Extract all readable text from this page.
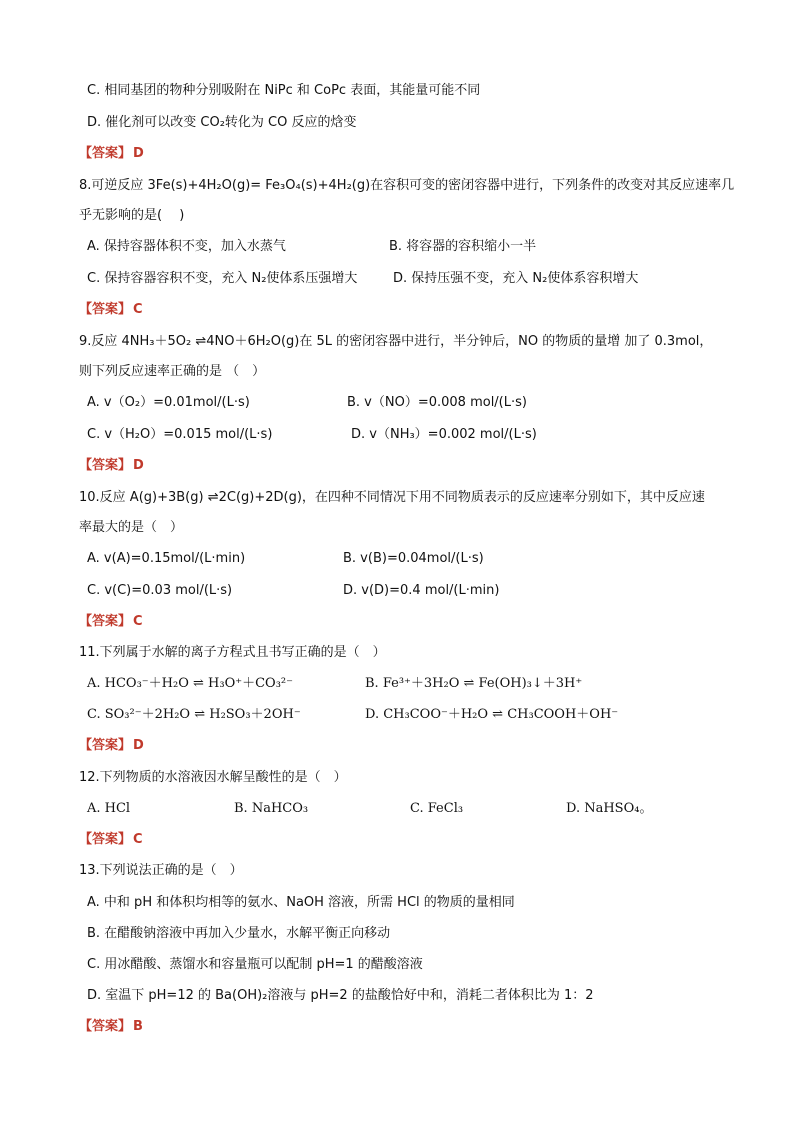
C. 相同基团的物种分别吸附在 NiPc 和 CoPc 表面，其能量可能不同
D. 催化剂可以改变 CO₂转化为 CO 反应的焓变
【答案】 D
8.可逆反应 3Fe(s)+4H₂O(g)= Fe₃O₄(s)+4H₂(g)在容积可变的密闭容器中进行，下列条件的改变对其反应速率几
乎无影响的是(　 )
A. 保持容器体积不变，加入水蒸气	B. 将容器的容积缩小一半
C. 保持容器容积不变，充入 N₂使体系压强增大	D. 保持压强不变，充入 N₂使体系容积增大
【答案】 C
9.反应 4NH₃＋5O₂ ⇌4NO＋6H₂O(g)在 5L 的密闭容器中进行，半分钟后，NO 的物质的量增 加了 0.3mol，
则下列反应速率正确的是 （　）
A. v（O₂）=0.01mol/(L·s)	B. v（NO）=0.008 mol/(L·s)
C. v（H₂O）=0.015 mol/(L·s)	D. v（NH₃）=0.002 mol/(L·s)
【答案】 D
10.反应 A(g)+3B(g) ⇌2C(g)+2D(g)，在四种不同情况下用不同物质表示的反应速率分别如下，其中反应速
率最大的是（　）
A. v(A)=0.15mol/(L·min)	B. v(B)=0.04mol/(L·s)
C. v(C)=0.03 mol/(L·s)	D. v(D)=0.4 mol/(L·min)
【答案】 C
11.下列属于水解的离子方程式且书写正确的是（　）
A. HCO₃⁻＋H₂O ⇌ H₃O⁺＋CO₃²⁻	B. Fe³⁺＋3H₂O ⇌ Fe(OH)₃↓＋3H⁺
C. SO₃²⁻＋2H₂O ⇌ H₂SO₃＋2OH⁻	D. CH₃COO⁻＋H₂O ⇌ CH₃COOH＋OH⁻
【答案】 D
12.下列物质的水溶液因水解呈酸性的是（　）
A. HCl	B. NaHCO₃	C. FeCl₃	D. NaHSO₄。
【答案】 C
13.下列说法正确的是（　）
A. 中和 pH 和体积均相等的氨水、NaOH 溶液，所需 HCl 的物质的量相同
B. 在醋酸钠溶液中再加入少量水，水解平衡正向移动
C. 用冰醋酸、蒸馏水和容量瓶可以配制 pH=1 的醋酸溶液
D. 室温下 pH=12 的 Ba(OH)₂溶液与 pH=2 的盐酸恰好中和，消耗二者体积比为 1：2
【答案】 B
